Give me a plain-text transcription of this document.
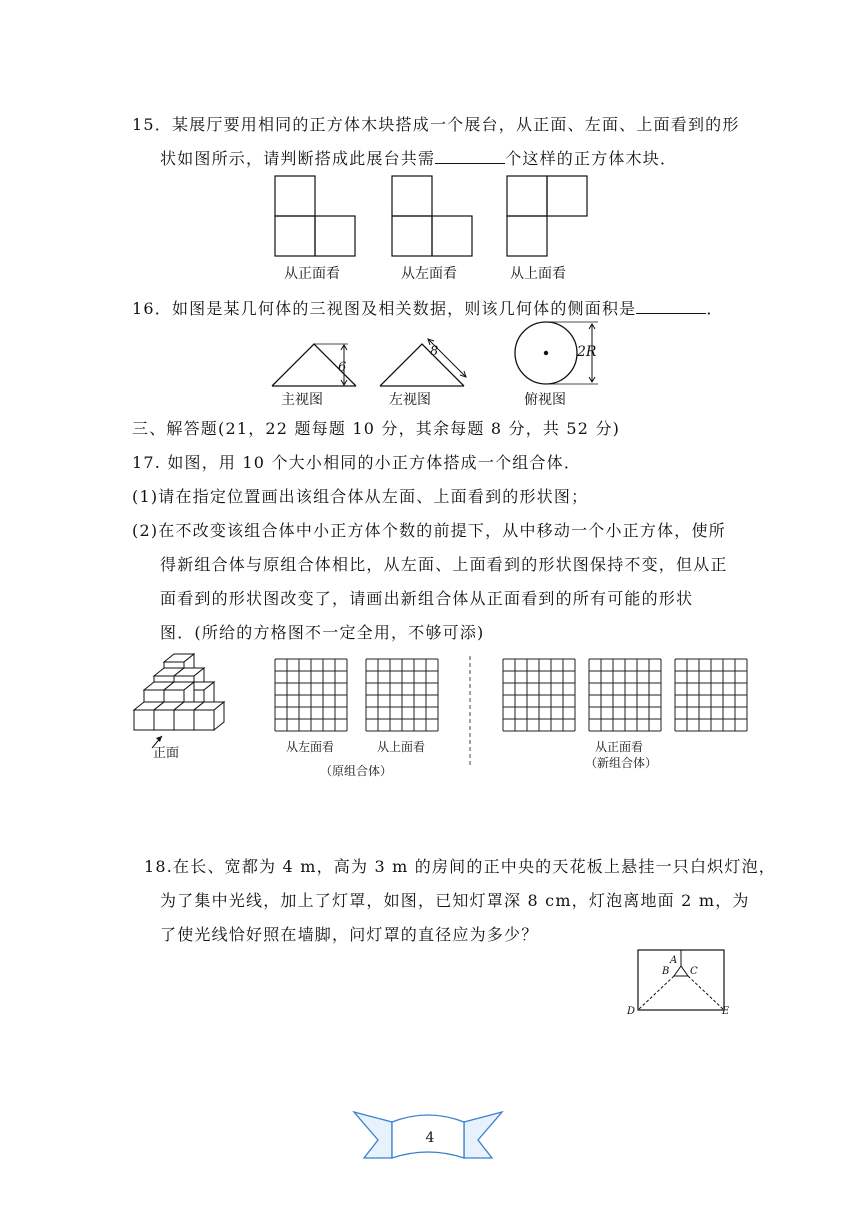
15．某展厅要用相同的正方体木块搭成一个展台，从正面、左面、上面看到的形
状如图所示，请判断搭成此展台共需	个这样的正方体木块．
从正面看	从左面看	从上面看
16．如图是某几何体的三视图及相关数据，则该几何体的侧面积是	．
6
8	2R
主视图	左视图	俯视图
三、解答题(21，22 题每题 10 分，其余每题 8 分，共 52 分)
17. 如图，用 10 个大小相同的小正方体搭成一个组合体．
(1)请在指定位置画出该组合体从左面、上面看到的形状图；
(2)在不改变该组合体中小正方体个数的前提下，从中移动一个小正方体，使所
得新组合体与原组合体相比，从左面、上面看到的形状图保持不变，但从正
面看到的形状图改变了，请画出新组合体从正面看到的所有可能的形状
图．(所给的方格图不一定全用，不够可添)
正面	从左面看	从上面看
（原组合体）
从正面看
（新组合体）
18.在长、宽都为 4 m，高为 3 m 的房间的正中央的天花板上悬挂一只白炽灯泡，
为了集中光线，加上了灯罩，如图，已知灯罩深 8 cm，灯泡离地面 2 m，为
了使光线恰好照在墙脚，问灯罩的直径应为多少？
A
B C
D	E
4
